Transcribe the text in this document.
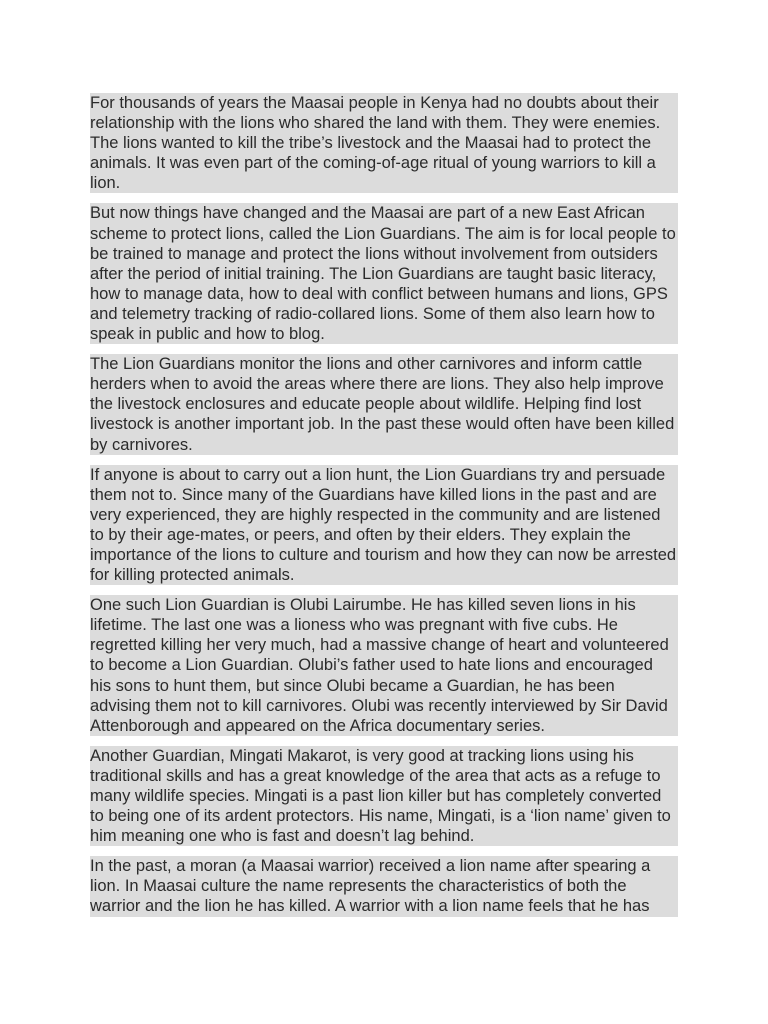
For thousands of years the Maasai people in Kenya had no doubts about their relationship with the lions who shared the land with them. They were enemies. The lions wanted to kill the tribe’s livestock and the Maasai had to protect the animals. It was even part of the coming-of-age ritual of young warriors to kill a lion.

But now things have changed and the Maasai are part of a new East African scheme to protect lions, called the Lion Guardians. The aim is for local people to be trained to manage and protect the lions without involvement from outsiders after the period of initial training. The Lion Guardians are taught basic literacy, how to manage data, how to deal with conflict between humans and lions, GPS and telemetry tracking of radio-collared lions. Some of them also learn how to speak in public and how to blog.

The Lion Guardians monitor the lions and other carnivores and inform cattle herders when to avoid the areas where there are lions. They also help improve the livestock enclosures and educate people about wildlife. Helping find lost livestock is another important job. In the past these would often have been killed by carnivores.

If anyone is about to carry out a lion hunt, the Lion Guardians try and persuade them not to. Since many of the Guardians have killed lions in the past and are very experienced, they are highly respected in the community and are listened to by their age-mates, or peers, and often by their elders. They explain the importance of the lions to culture and tourism and how they can now be arrested for killing protected animals.

One such Lion Guardian is Olubi Lairumbe. He has killed seven lions in his lifetime. The last one was a lioness who was pregnant with five cubs. He regretted killing her very much, had a massive change of heart and volunteered to become a Lion Guardian. Olubi’s father used to hate lions and encouraged his sons to hunt them, but since Olubi became a Guardian, he has been advising them not to kill carnivores. Olubi was recently interviewed by Sir David Attenborough and appeared on the Africa documentary series.

Another Guardian, Mingati Makarot, is very good at tracking lions using his traditional skills and has a great knowledge of the area that acts as a refuge to many wildlife species. Mingati is a past lion killer but has completely converted to being one of its ardent protectors. His name, Mingati, is a ‘lion name’ given to him meaning one who is fast and doesn’t lag behind.

In the past, a moran (a Maasai warrior) received a lion name after spearing a lion. In Maasai culture the name represents the characteristics of both the warrior and the lion he has killed. A warrior with a lion name feels that he has
